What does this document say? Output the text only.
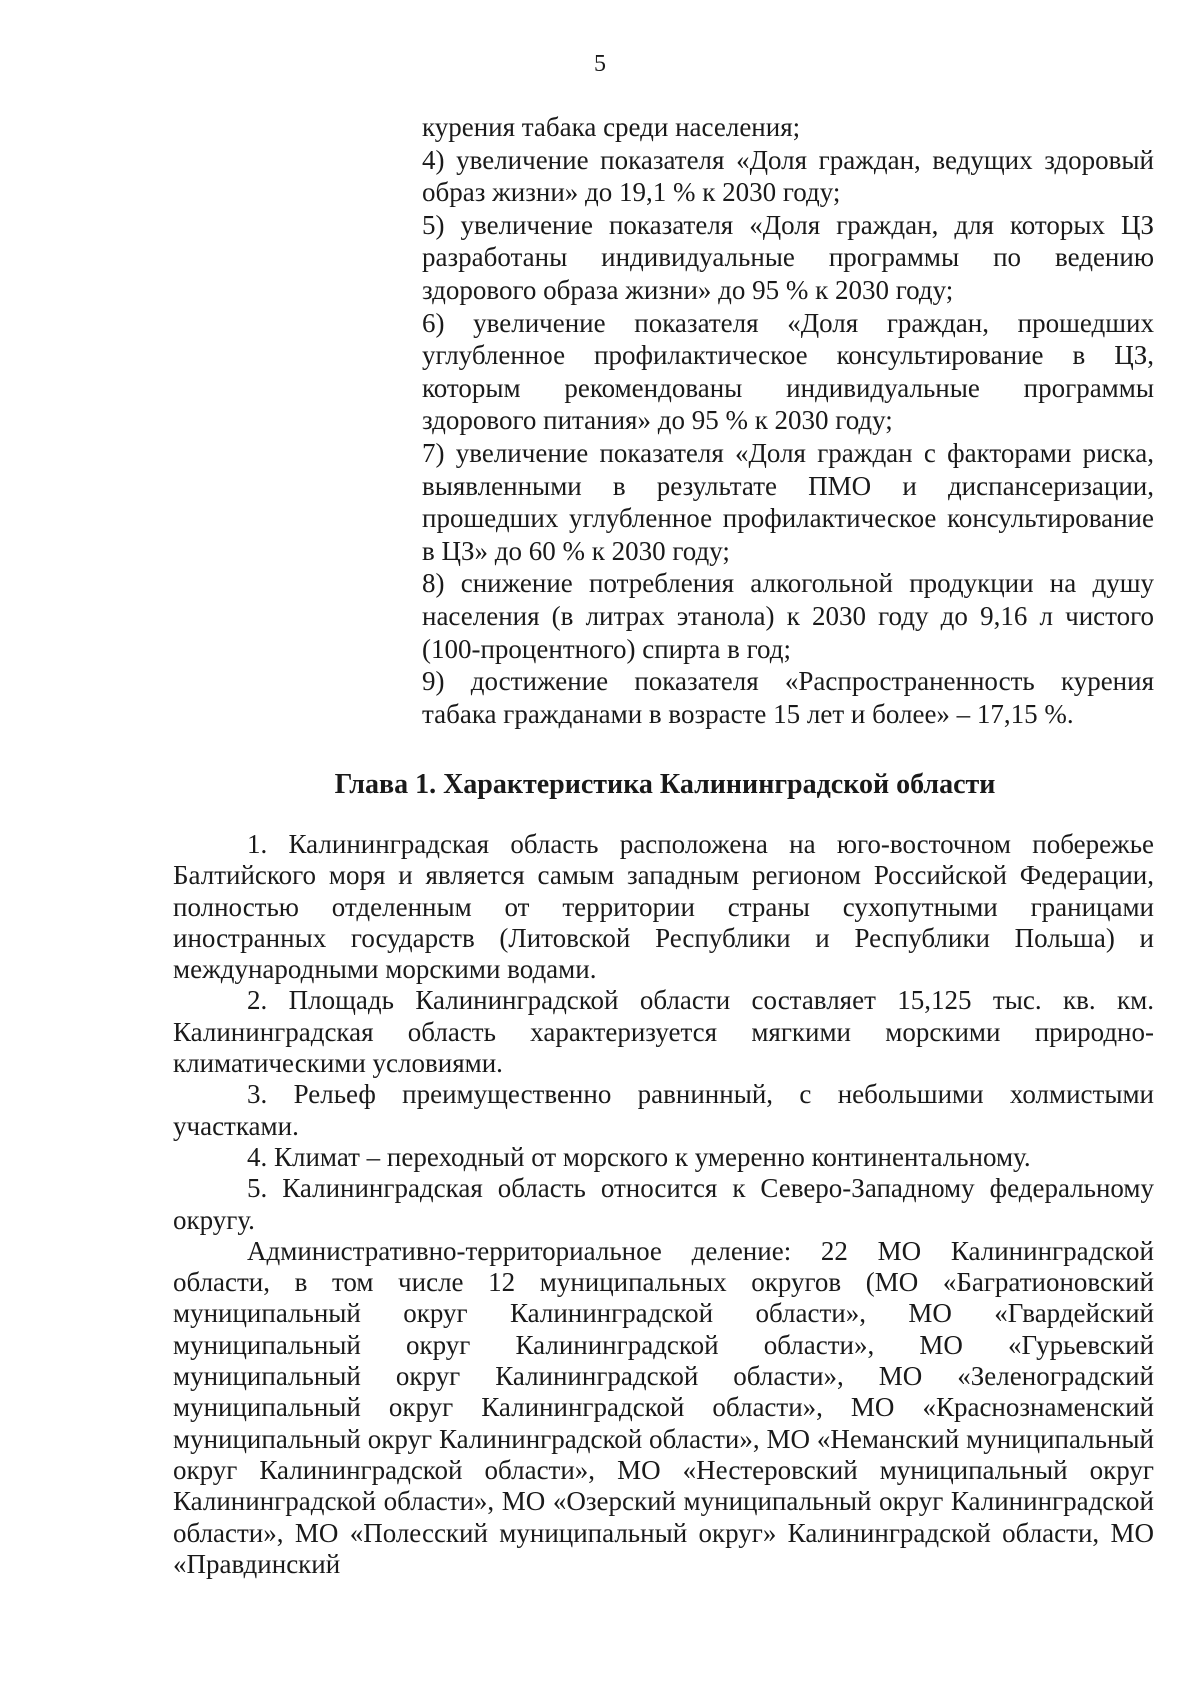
5

курения табака среди населения;

4) увеличение показателя «Доля граждан, ведущих здоровый образ жизни» до 19,1 % к 2030 году;

5) увеличение показателя «Доля граждан, для которых ЦЗ разработаны индивидуальные программы по ведению здорового образа жизни» до 95 % к 2030 году;

6) увеличение показателя «Доля граждан, прошедших углубленное профилактическое консультирование в ЦЗ, которым рекомендованы индивидуальные программы здорового питания» до 95 % к 2030 году;

7) увеличение показателя «Доля граждан с факторами риска, выявленными в результате ПМО и диспансеризации, прошедших углубленное профилактическое консультирование в ЦЗ» до 60 % к 2030 году;

8) снижение потребления алкогольной продукции на душу населения (в литрах этанола) к 2030 году до 9,16 л чистого (100-процентного) спирта в год;

9) достижение показателя «Распространенность курения табака гражданами в возрасте 15 лет и более» – 17,15 %.

Глава 1. Характеристика Калининградской области

1. Калининградская область расположена на юго-восточном побережье Балтийского моря и является самым западным регионом Российской Федерации, полностью отделенным от территории страны сухопутными границами иностранных государств (Литовской Республики и Республики Польша) и международными морскими водами.

2. Площадь Калининградской области составляет 15,125 тыс. кв. км. Калининградская область характеризуется мягкими морскими природно-климатическими условиями.

3. Рельеф преимущественно равнинный, с небольшими холмистыми участками.

4. Климат – переходный от морского к умеренно континентальному.

5. Калининградская область относится к Северо-Западному федеральному округу.

Административно-территориальное деление: 22 МО Калининградской области, в том числе 12 муниципальных округов (МО «Багратионовский муниципальный округ Калининградской области», МО «Гвардейский муниципальный округ Калининградской области», МО «Гурьевский муниципальный округ Калининградской области», МО «Зеленоградский муниципальный округ Калининградской области», МО «Краснознаменский муниципальный округ Калининградской области», МО «Неманский муниципальный округ Калининградской области», МО «Нестеровский муниципальный округ Калининградской области», МО «Озерский муниципальный округ Калининградской области», МО «Полесский муниципальный округ» Калининградской области, МО «Правдинский
